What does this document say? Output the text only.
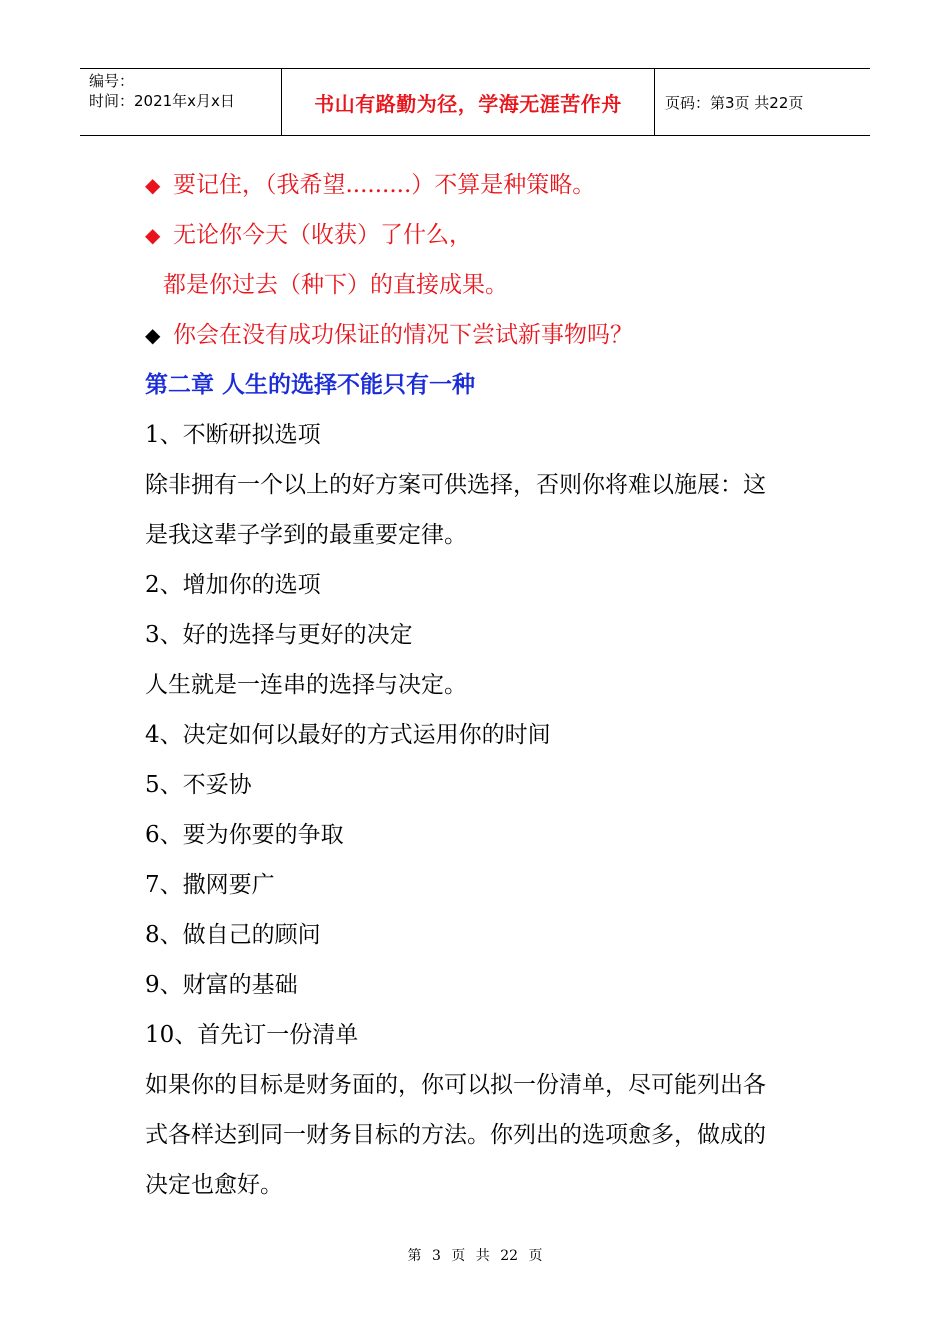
编号：
时间：2021年x月x日	书山有路勤为径，学海无涯苦作舟	页码：第3页 共22页
◆ 要记住，（我希望.........）不算是种策略。
◆ 无论你今天（收获）了什么，
都是你过去（种下）的直接成果。
◆ 你会在没有成功保证的情况下尝试新事物吗？
第二章 人生的选择不能只有一种
1、不断研拟选项
除非拥有一个以上的好方案可供选择，否则你将难以施展：这
是我这辈子学到的最重要定律。
2、增加你的选项
3、好的选择与更好的决定
人生就是一连串的选择与决定。
4、决定如何以最好的方式运用你的时间
5、不妥协
6、要为你要的争取
7、撒网要广
8、做自己的顾问
9、财富的基础
10、首先订一份清单
如果你的目标是财务面的，你可以拟一份清单，尽可能列出各
式各样达到同一财务目标的方法。你列出的选项愈多，做成的
决定也愈好。
第 3 页 共 22 页
